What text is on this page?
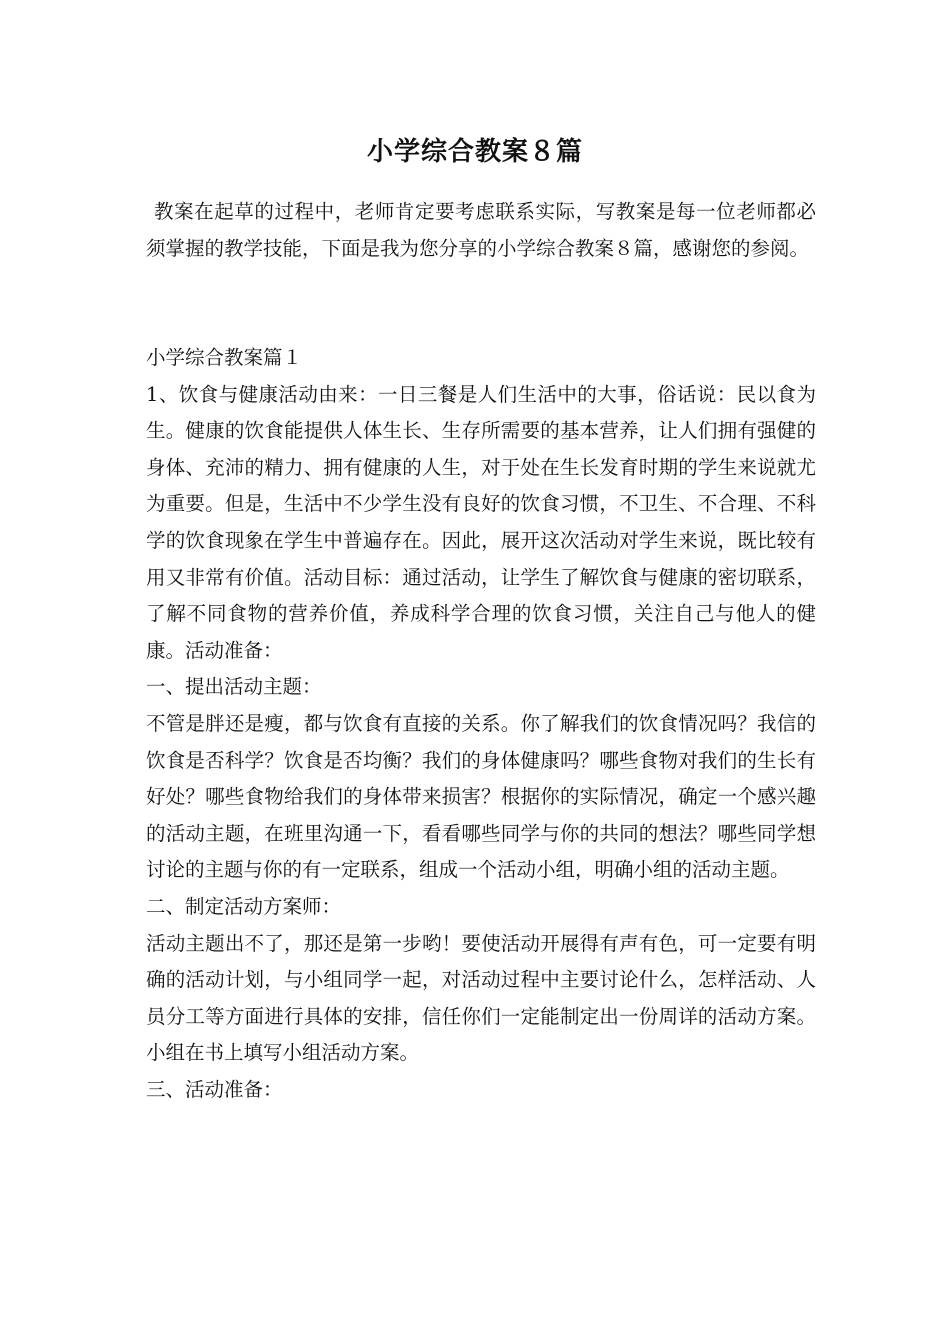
小学综合教案８篇

教案在起草的过程中，老师肯定要考虑联系实际，写教案是每一位老师都必须掌握的教学技能，下面是我为您分享的小学综合教案８篇，感谢您的参阅。

小学综合教案篇１

1、饮食与健康活动由来：一日三餐是人们生活中的大事，俗话说：民以食为生。健康的饮食能提供人体生长、生存所需要的基本营养，让人们拥有强健的身体、充沛的精力、拥有健康的人生，对于处在生长发育时期的学生来说就尤为重要。但是，生活中不少学生没有良好的饮食习惯，不卫生、不合理、不科学的饮食现象在学生中普遍存在。因此，展开这次活动对学生来说，既比较有用又非常有价值。活动目标：通过活动，让学生了解饮食与健康的密切联系，了解不同食物的营养价值，养成科学合理的饮食习惯，关注自己与他人的健康。活动准备：

一、提出活动主题：

不管是胖还是瘦，都与饮食有直接的关系。你了解我们的饮食情况吗？我信的饮食是否科学？饮食是否均衡？我们的身体健康吗？哪些食物对我们的生长有好处？哪些食物给我们的身体带来损害？根据你的实际情况，确定一个感兴趣的活动主题，在班里沟通一下，看看哪些同学与你的共同的想法？哪些同学想讨论的主题与你的有一定联系，组成一个活动小组，明确小组的活动主题。

二、制定活动方案师：

活动主题出不了，那还是第一步哟！要使活动开展得有声有色，可一定要有明确的活动计划，与小组同学一起，对活动过程中主要讨论什么，怎样活动、人员分工等方面进行具体的安排，信任你们一定能制定出一份周详的活动方案。小组在书上填写小组活动方案。

三、活动准备：
